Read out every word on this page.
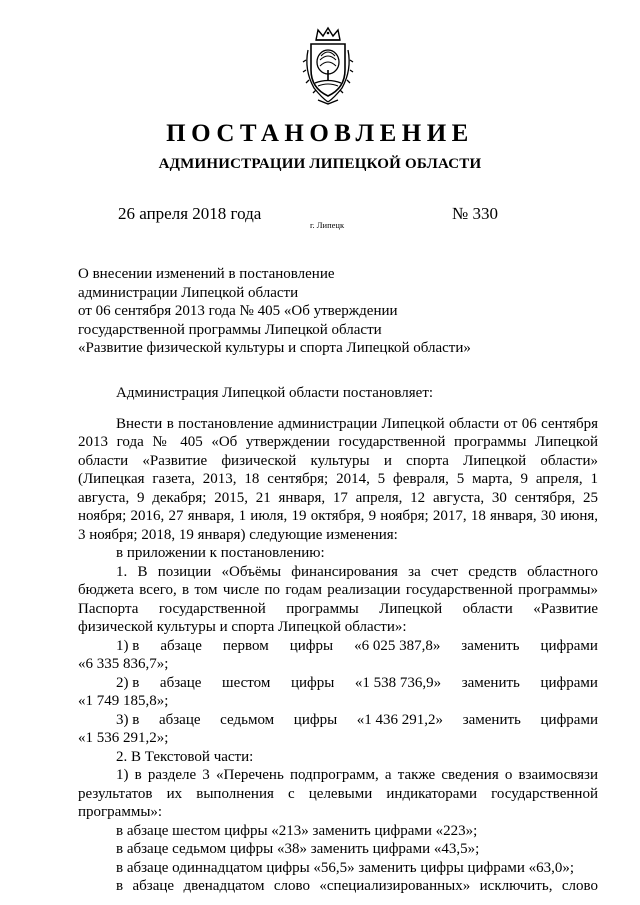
ПОСТАНОВЛЕНИЕ
АДМИНИСТРАЦИИ ЛИПЕЦКОЙ ОБЛАСТИ
26 апреля 2018 года
г. Липецк
№ 330
О внесении изменений в постановление
администрации Липецкой области
от 06 сентября 2013 года № 405 «Об утверждении
государственной программы Липецкой области
«Развитие физической культуры и спорта Липецкой области»
Администрация Липецкой области постановляет:
Внести в постановление администрации Липецкой области от 06 сентября
2013 года № 405 «Об утверждении государственной программы Липецкой
области «Развитие физической культуры и спорта Липецкой области»
(Липецкая газета, 2013, 18 сентября; 2014, 5 февраля, 5 марта, 9 апреля, 1
августа, 9 декабря; 2015, 21 января, 17 апреля, 12 августа, 30 сентября, 25
ноября; 2016, 27 января, 1 июля, 19 октября, 9 ноября; 2017, 18 января, 30 июня,
3 ноября; 2018, 19 января) следующие изменения:
в приложении к постановлению:
1. В позиции «Объёмы финансирования за счет средств областного
бюджета всего, в том числе по годам реализации государственной программы»
Паспорта государственной программы Липецкой области «Развитие
физической культуры и спорта Липецкой области»:
1) в абзаце первом цифры «6 025 387,8» заменить цифрами
«6 335 836,7»;
2) в абзаце шестом цифры «1 538 736,9» заменить цифрами
«1 749 185,8»;
3) в абзаце седьмом цифры «1 436 291,2» заменить цифрами
«1 536 291,2»;
2. В Текстовой части:
1) в разделе 3 «Перечень подпрограмм, а также сведения о взаимосвязи
результатов их выполнения с целевыми индикаторами государственной
программы»:
в абзаце шестом цифры «213» заменить цифрами «223»;
в абзаце седьмом цифры «38» заменить цифрами «43,5»;
в абзаце одиннадцатом цифры «56,5» заменить цифры цифрами «63,0»;
в абзаце двенадцатом слово «специализированных» исключить, слово
